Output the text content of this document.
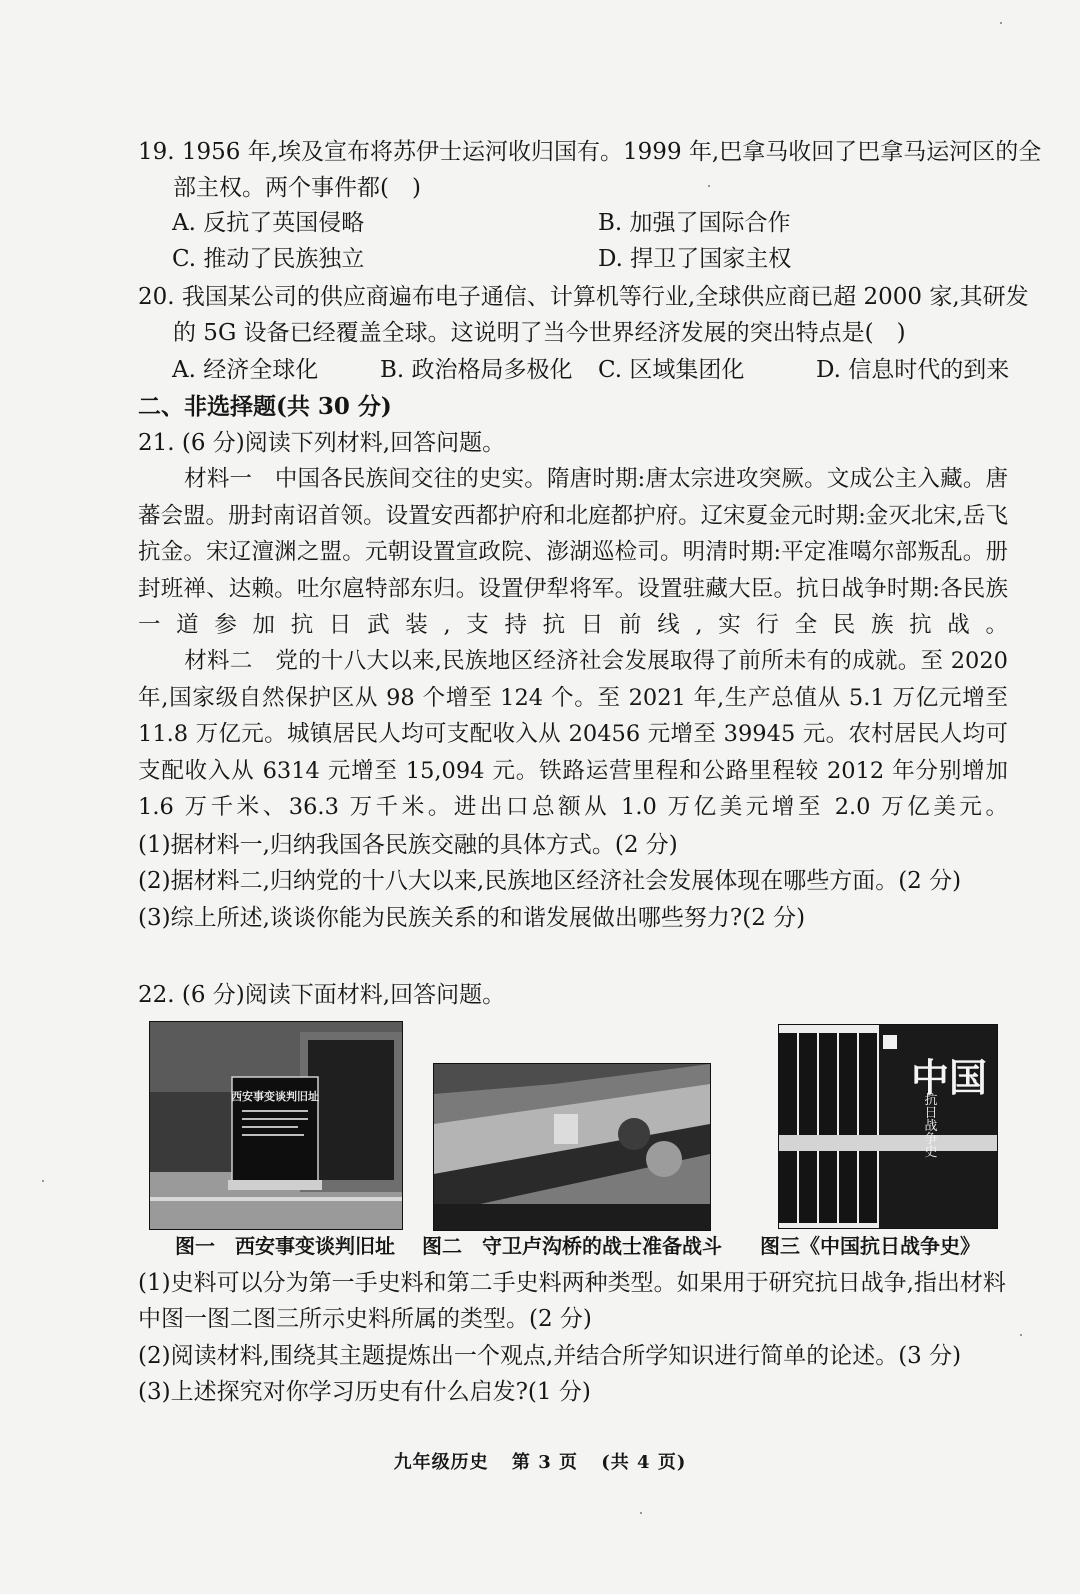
19. 1956 年,埃及宣布将苏伊士运河收归国有。1999 年,巴拿马收回了巴拿马运河区的全
部主权。两个事件都(　)
A. 反抗了英国侵略	B. 加强了国际合作
C. 推动了民族独立	D. 捍卫了国家主权
20. 我国某公司的供应商遍布电子通信、计算机等行业,全球供应商已超 2000 家,其研发
的 5G 设备已经覆盖全球。这说明了当今世界经济发展的突出特点是(　)
A. 经济全球化	B. 政治格局多极化 C. 区域集团化	D. 信息时代的到来
二、非选择题(共 30 分)
21. (6 分)阅读下列材料,回答问题。
材料一　中国各民族间交往的史实。隋唐时期:唐太宗进攻突厥。文成公主入藏。唐蕃会盟。册封南诏首领。设置安西都护府和北庭都护府。辽宋夏金元时期:金灭北宋,岳飞抗金。宋辽澶渊之盟。元朝设置宣政院、澎湖巡检司。明清时期:平定准噶尔部叛乱。册封班禅、达赖。吐尔扈特部东归。设置伊犁将军。设置驻藏大臣。抗日战争时期:各民族一道参加抗日武装,支持抗日前线,实行全民族抗战。
材料二　党的十八大以来,民族地区经济社会发展取得了前所未有的成就。至 2020 年,国家级自然保护区从 98 个增至 124 个。至 2021 年,生产总值从 5.1 万亿元增至 11.8 万亿元。城镇居民人均可支配收入从 20456 元增至 39945 元。农村居民人均可支配收入从 6314 元增至 15,094 元。铁路运营里程和公路里程较 2012 年分别增加 1.6 万千米、36.3 万千米。进出口总额从 1.0 万亿美元增至 2.0 万亿美元。
(1)据材料一,归纳我国各民族交融的具体方式。(2 分)
(2)据材料二,归纳党的十八大以来,民族地区经济社会发展体现在哪些方面。(2 分)
(3)综上所述,谈谈你能为民族关系的和谐发展做出哪些努力?(2 分)
22. (6 分)阅读下面材料,回答问题。
西安事变谈判旧址	中国
抗日战争史
图一　西安事变谈判旧址 图二　守卫卢沟桥的战士准备战斗 图三《中国抗日战争史》
(1)史料可以分为第一手史料和第二手史料两种类型。如果用于研究抗日战争,指出材料
中图一图二图三所示史料所属的类型。(2 分)
(2)阅读材料,围绕其主题提炼出一个观点,并结合所学知识进行简单的论述。(3 分)
(3)上述探究对你学习历史有什么启发?(1 分)
九年级历史 第 3 页 (共 4 页)
